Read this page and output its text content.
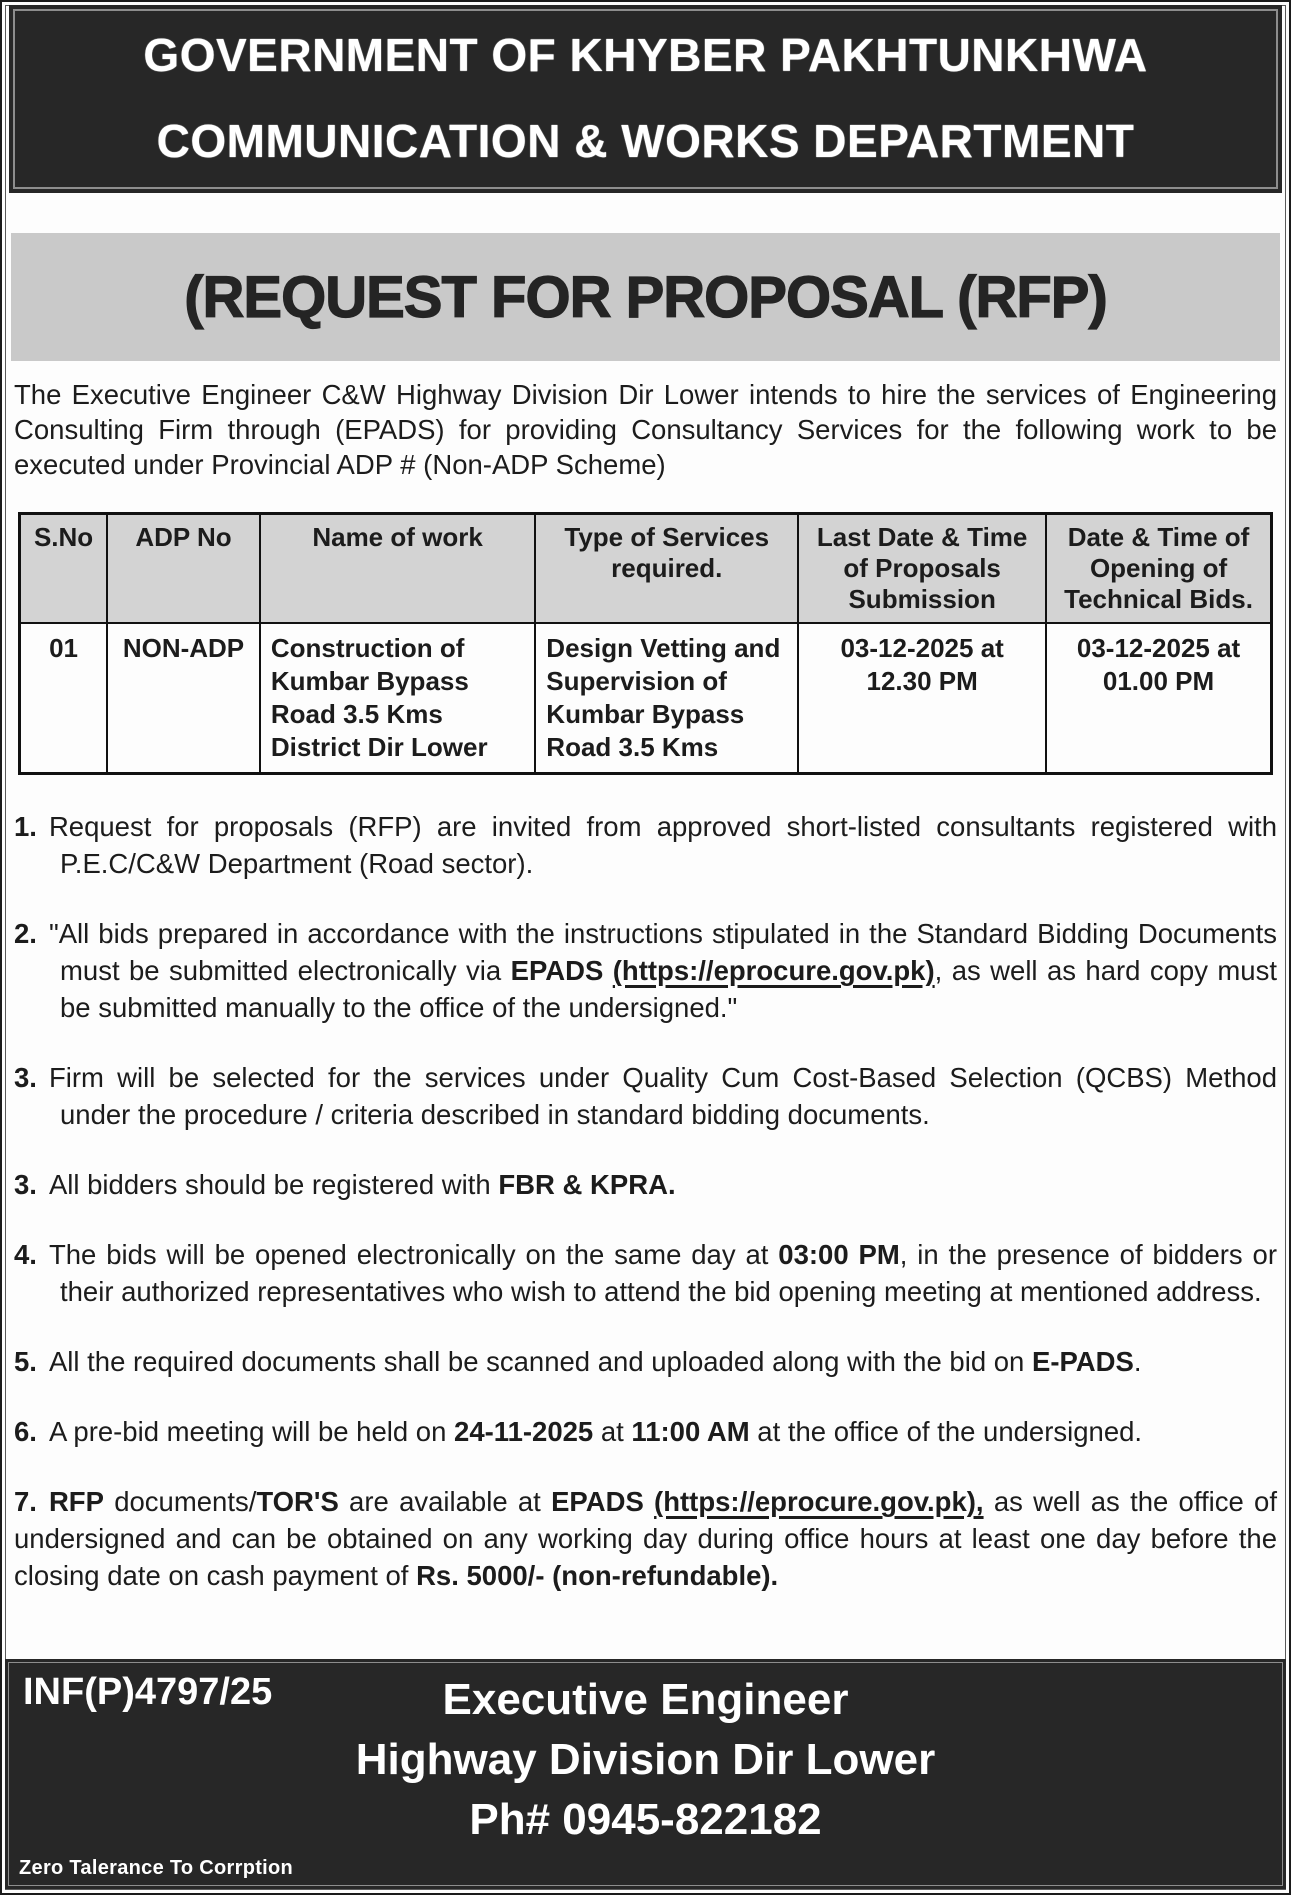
GOVERNMENT OF KHYBER PAKHTUNKHWA
COMMUNICATION & WORKS DEPARTMENT
(REQUEST FOR PROPOSAL (RFP)

The Executive Engineer C&W Highway Division Dir Lower intends to hire the services of Engineering Consulting Firm through (EPADS) for providing Consultancy Services for the following work to be executed under Provincial ADP # (Non-ADP Scheme)

S.No	ADP No	Name of work	Type of Services required.	Last Date & Time of Proposals Submission	Date & Time of Opening of Technical Bids.
01	NON-ADP	Construction of Kumbar Bypass Road 3.5 Kms District Dir Lower	Design Vetting and Supervision of Kumbar Bypass Road 3.5 Kms	03-12-2025 at 12.30 PM	03-12-2025 at 01.00 PM

1. Request for proposals (RFP) are invited from approved short-listed consultants registered with P.E.C/C&W Department (Road sector).

2. "All bids prepared in accordance with the instructions stipulated in the Standard Bidding Documents must be submitted electronically via EPADS (https://eprocure.gov.pk), as well as hard copy must be submitted manually to the office of the undersigned."

3. Firm will be selected for the services under Quality Cum Cost-Based Selection (QCBS) Method under the procedure / criteria described in standard bidding documents.

3. All bidders should be registered with FBR & KPRA.

4. The bids will be opened electronically on the same day at 03:00 PM, in the presence of bidders or their authorized representatives who wish to attend the bid opening meeting at mentioned address.

5. All the required documents shall be scanned and uploaded along with the bid on E-PADS.

6. A pre-bid meeting will be held on 24-11-2025 at 11:00 AM at the office of the undersigned.

7. RFP documents/TOR'S are available at EPADS (https://eprocure.gov.pk), as well as the office of undersigned and can be obtained on any working day during office hours at least one day before the closing date on cash payment of Rs. 5000/- (non-refundable).

INF(P)4797/25	Executive Engineer
Highway Division Dir Lower
Ph# 0945-822182
Zero Talerance To Corrption
